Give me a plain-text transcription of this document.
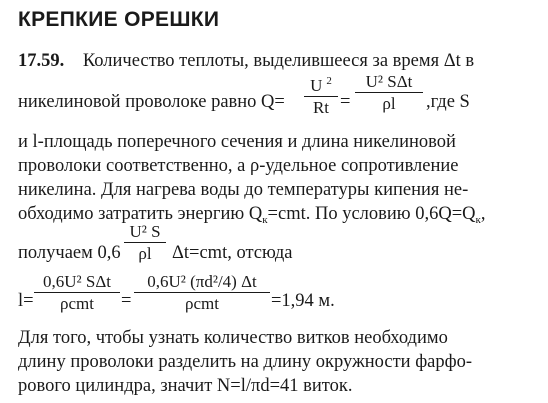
КРЕПКИЕ ОРЕШКИ
17.59. Количество теплоты, выделившееся за время Δt в
никелиновой проволоке равно Q=
U $^2$
Rt =
U² SΔt
ρl ,где S
и l-площадь поперечного сечения и длина никелиновой
проволоки соответственно, а ρ-удельное сопротивление
никелина. Для нагрева воды до температуры кипения не-
обходимо затратить энергию $Q_к=cmt$. По условию $0,6Q=Q_к$,
получаем 0,6
U² S
ρl Δt=cmt, отсюда
l=
0,6U² SΔt
ρcmt =
0,6U² (πd²/4) Δt
ρcmt	=1,94 м.
Для того, чтобы узнать количество витков необходимо
длину проволоки разделить на длину окружности фарфо-
рового цилиндра, значит N=l/πd=41 виток.
